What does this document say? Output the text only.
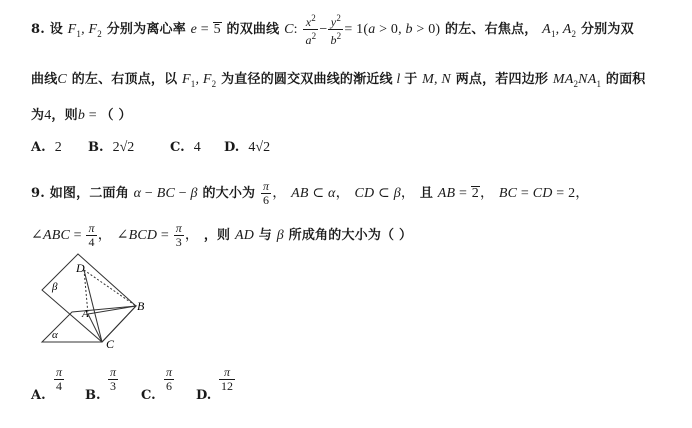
8. 设 $F_1$, $F_2$ 分别为离心率 e = 5 的双曲线 C: $\frac{x^2}{a^2} - \frac{y^2}{b^2} = 1(a > 0$, b > 0) 的左、右焦点， $A_1$, $A_2$ 分别为双
曲线C 的左、右顶点，以 $F_1$, $F_2$ 为直径的圆交双曲线的渐近线 l 于 M, N 两点，若四边形 $MA_2NA_1$ 的面积
为4，则b = （ ）
A. 2 B. 2√2	C. 4 D. 4√2
9. 如图，二面角 α − BC − β 的大小为 $\frac{\pi}{6}$ ， AB ⊂ α， CD ⊂ β， 且 AB = 2， BC = CD = 2，
∠ABC = $\frac{\pi}{4}$ ， ∠BCD = $\frac{\pi}{3}$ ， ，则 AD 与 β 所成角的大小为（ ）
D
β
A
B
α
C
A.
π
4
B.
π
3
C.
π
6
D.
π
12
